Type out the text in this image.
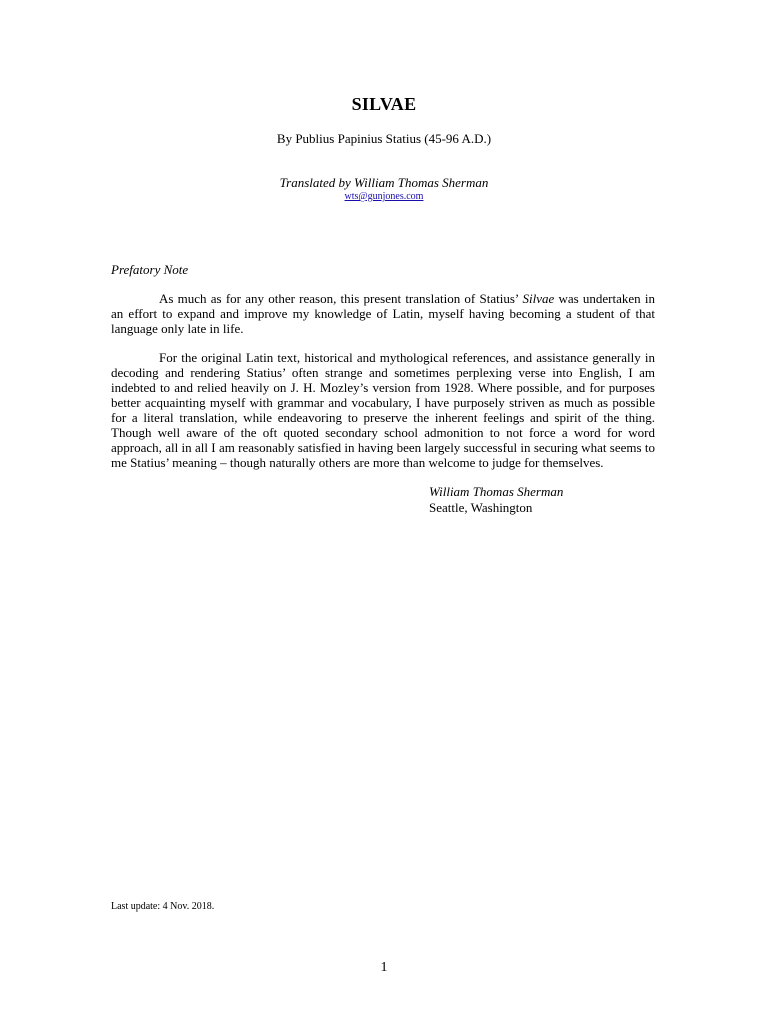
SILVAE
By Publius Papinius Statius (45-96 A.D.)
Translated by William Thomas Sherman
wts@gunjones.com
Prefatory Note

As much as for any other reason, this present translation of Statius’ Silvae was undertaken in an effort to expand and improve my knowledge of Latin, myself having becoming a student of that language only late in life.

For the original Latin text, historical and mythological references, and assistance generally in decoding and rendering Statius’ often strange and sometimes perplexing verse into English, I am indebted to and relied heavily on J. H. Mozley’s version from 1928. Where possible, and for purposes better acquainting myself with grammar and vocabulary, I have purposely striven as much as possible for a literal translation, while endeavoring to preserve the inherent feelings and spirit of the thing. Though well aware of the oft quoted secondary school admonition to not force a word for word approach, all in all I am reasonably satisfied in having been largely successful in securing what seems to me Statius’ meaning – though naturally others are more than welcome to judge for themselves.

William Thomas Sherman
Seattle, Washington
Last update: 4 Nov. 2018.
1
